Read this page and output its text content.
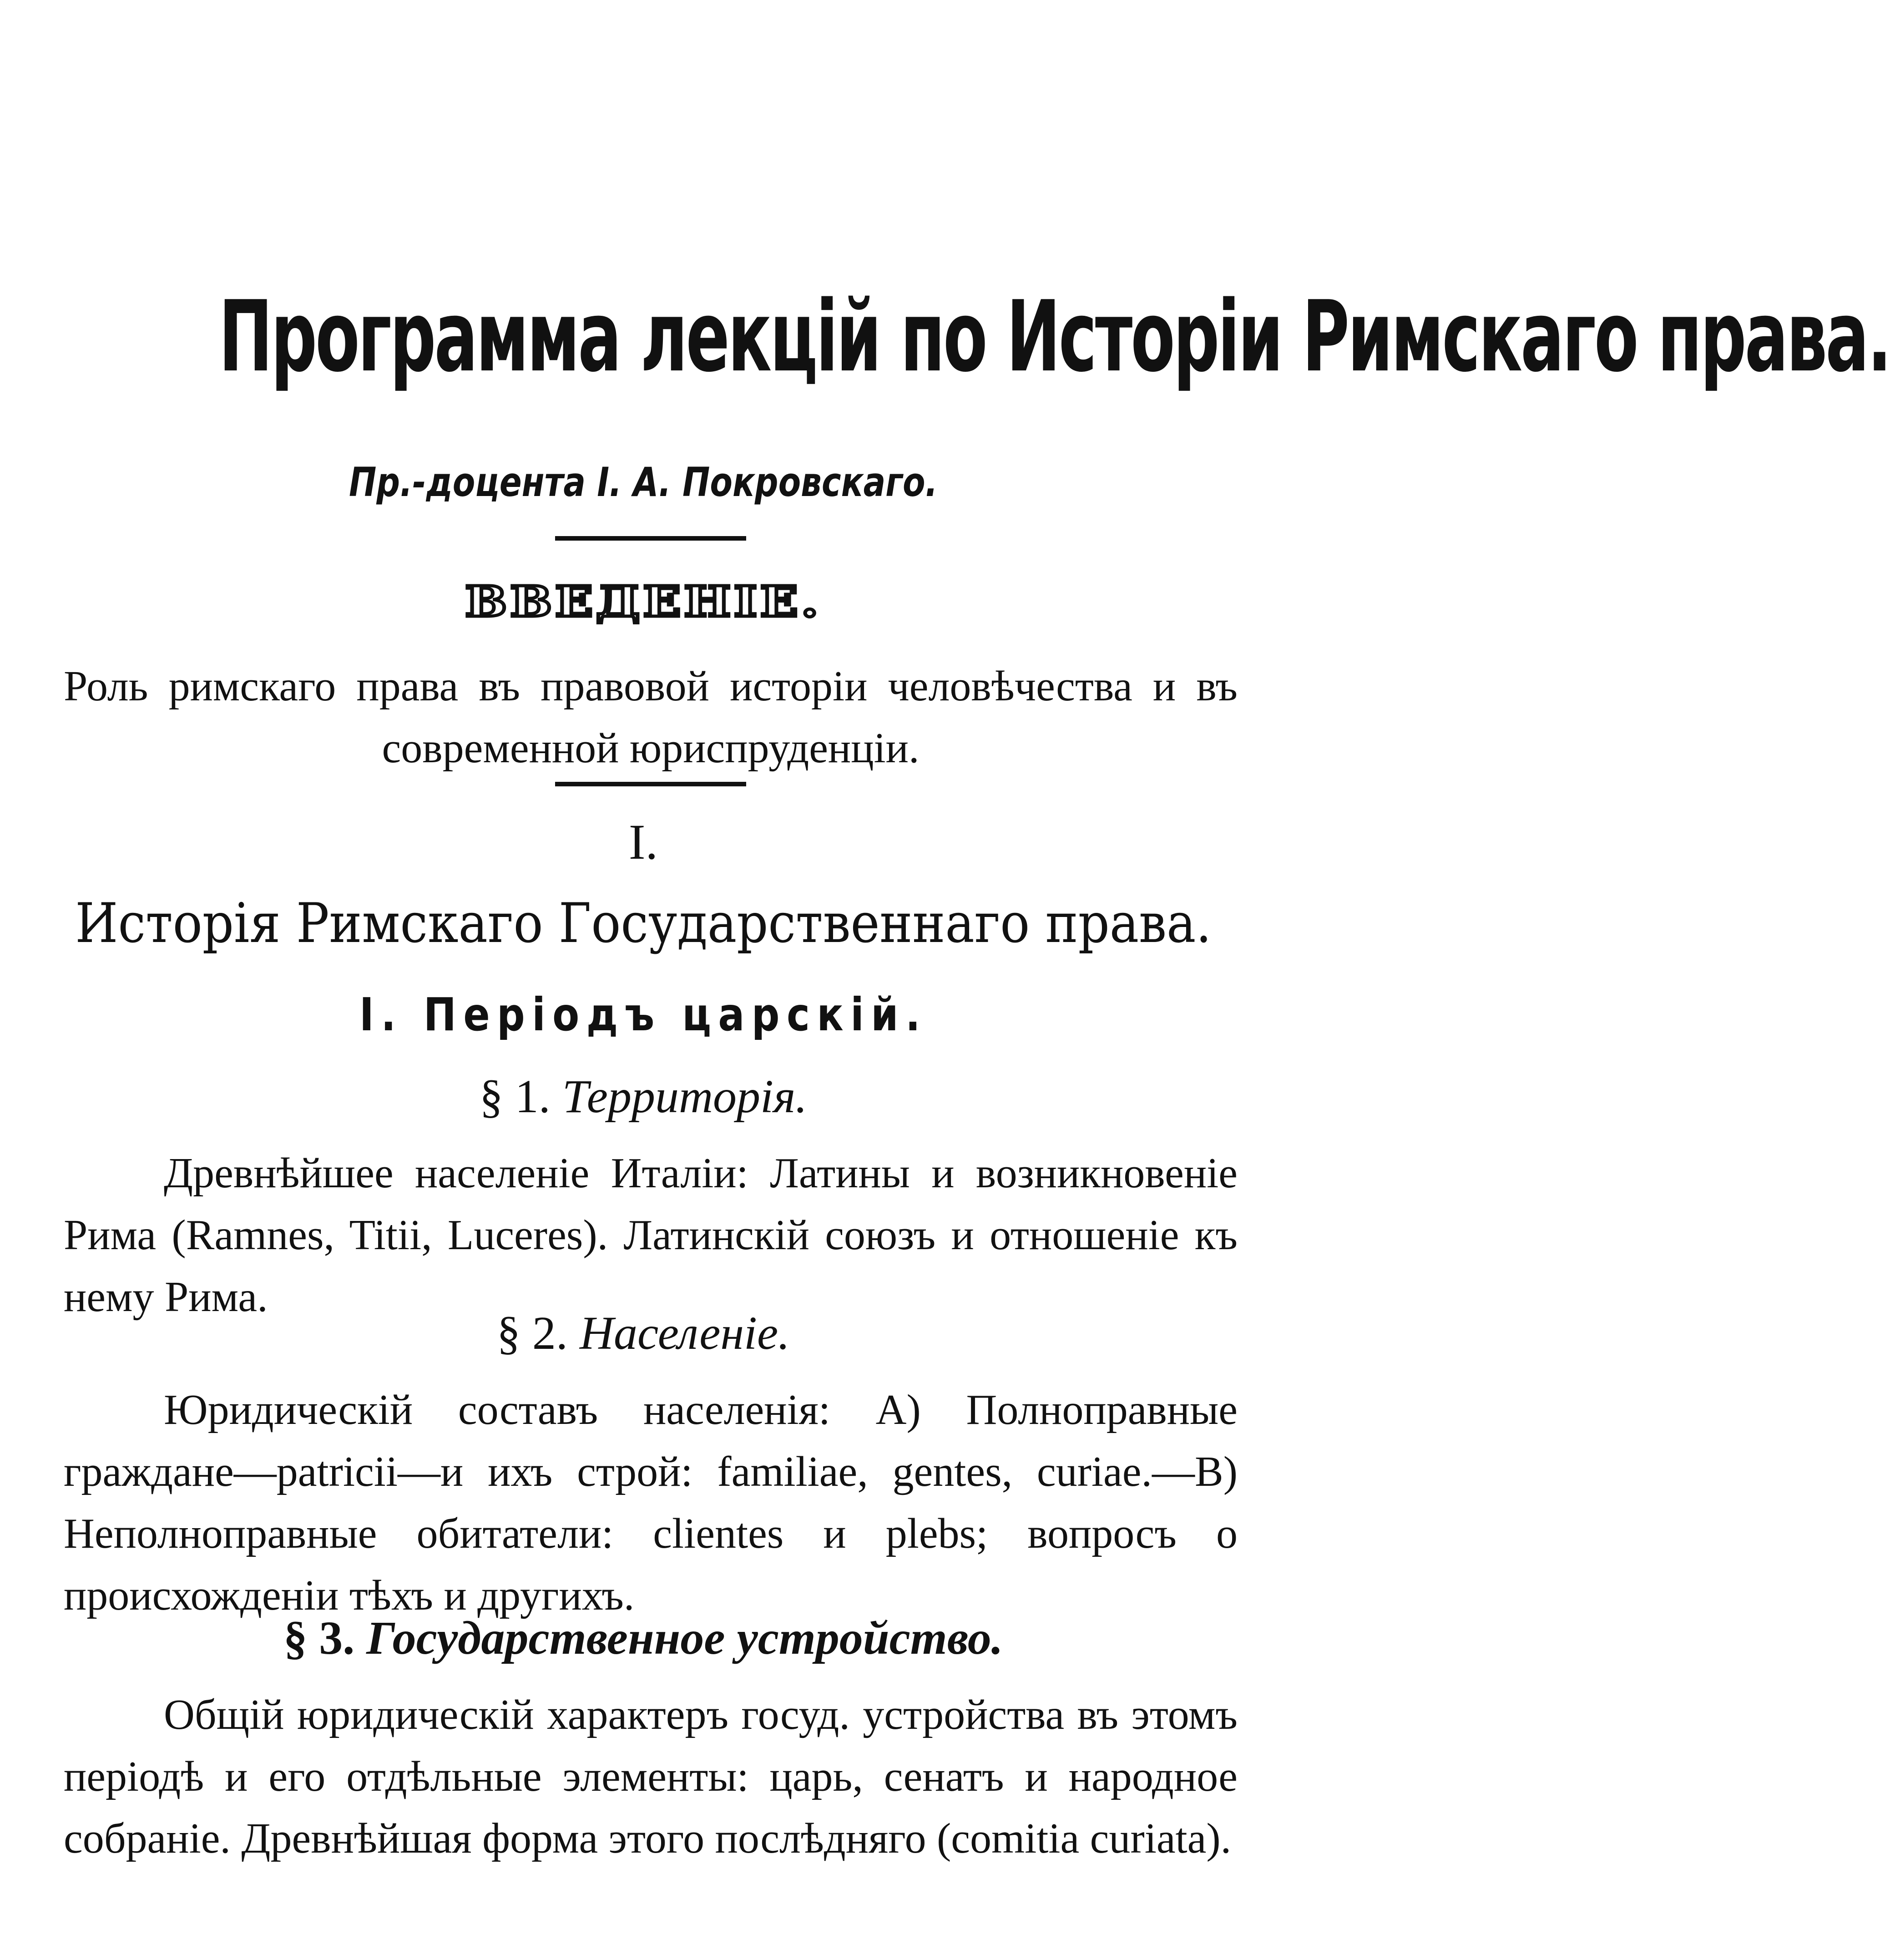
Программа лекцій по Исторіи Римскаго права.
Пр.-доцента I. А. Покровскаго.
ВВЕДЕНІЕ.
Роль римскаго права въ правовой исторіи человѣчества и въ современной юриспруденціи.
I.
Исторія Римскаго Государственнаго права.
I. Періодъ царскій.
§ 1. Территорія.
Древнѣйшее населеніе Италіи: Латины и возникновеніе Рима (Ramnes, Titii, Luceres). Латинскій союзъ и отношеніе къ нему Рима.
§ 2. Населеніе.
Юридическій составъ населенія: А) Полноправные граждане—patricii—и ихъ строй: familiae, gentes, curiae.—В) Неполноправные обитатели: clientes и plebs; вопросъ о происхожденіи тѣхъ и другихъ.
§ 3. Государственное устройство.
Общій юридическій характеръ госуд. устройства въ этомъ періодѣ и его отдѣльные элементы: царь, сенатъ и народное собраніе. Древнѣйшая форма этого послѣдняго (comitia curiata).
